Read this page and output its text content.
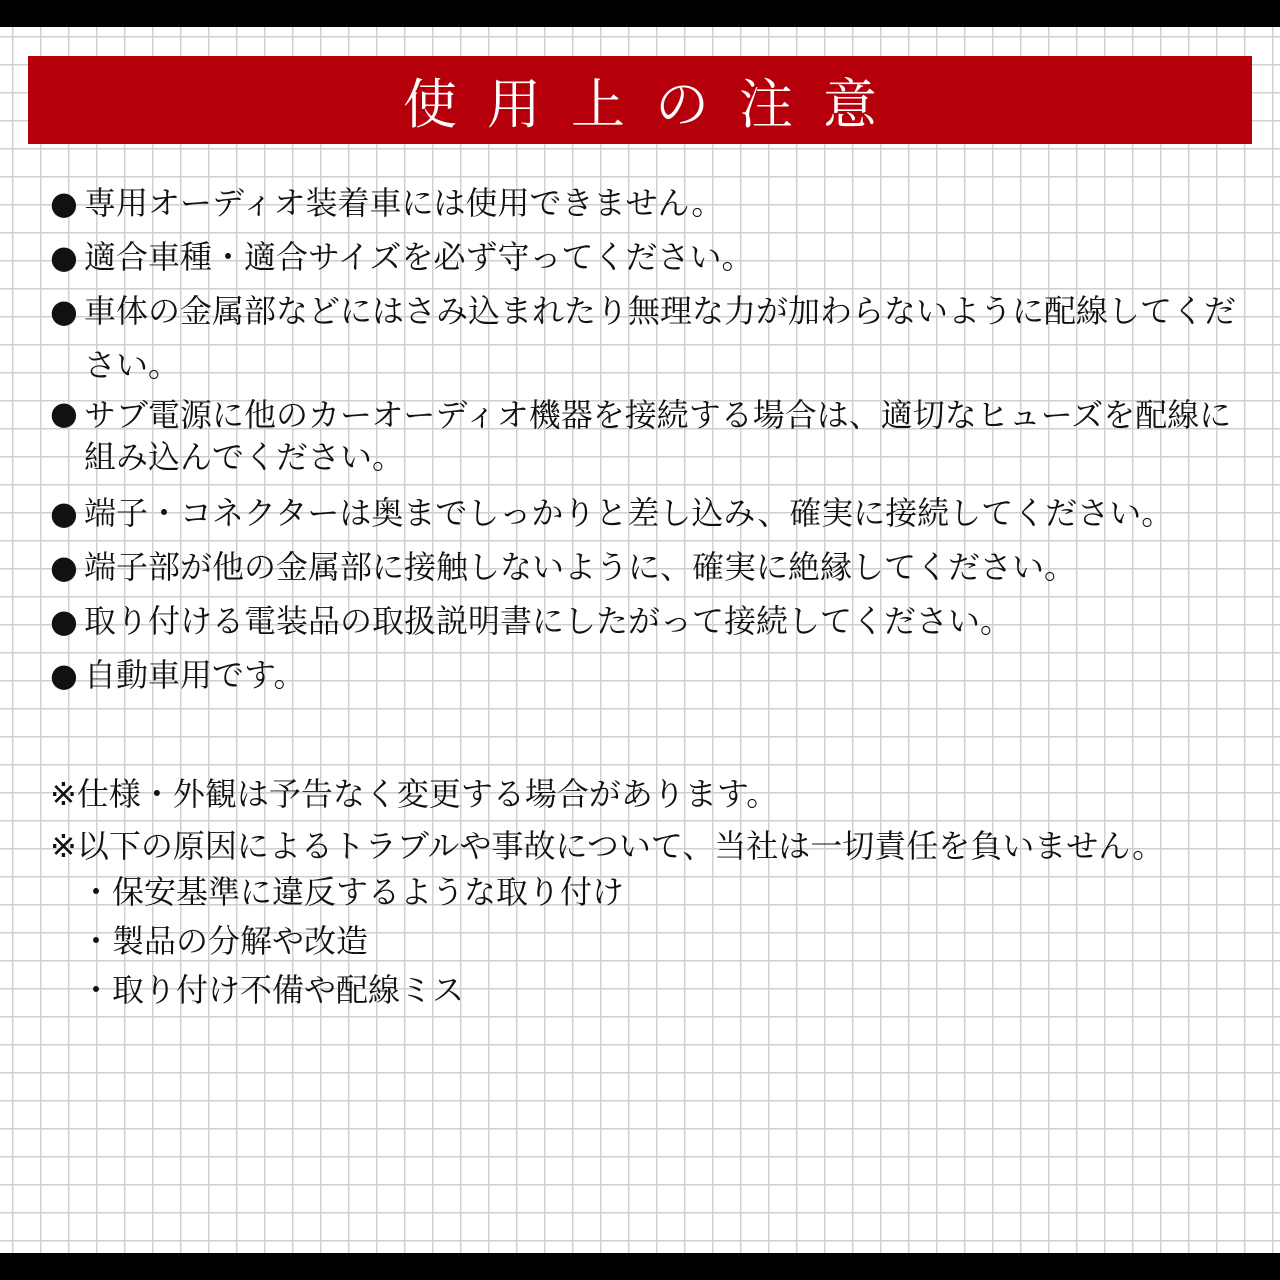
使用上の注意
● 専用オーディオ装着車には使用できません。
● 適合車種・適合サイズを必ず守ってください。
● 車体の金属部などにはさみ込まれたり無理な力が加わらないように配線してください。
● サブ電源に他のカーオーディオ機器を接続する場合は、適切なヒューズを配線に組み込んでください。
● 端子・コネクターは奥までしっかりと差し込み、確実に接続してください。
● 端子部が他の金属部に接触しないように、確実に絶縁してください。
● 取り付ける電装品の取扱説明書にしたがって接続してください。
● 自動車用です。
※仕様・外観は予告なく変更する場合があります。
※以下の原因によるトラブルや事故について、当社は一切責任を負いません。
・保安基準に違反するような取り付け
・製品の分解や改造
・取り付け不備や配線ミス
